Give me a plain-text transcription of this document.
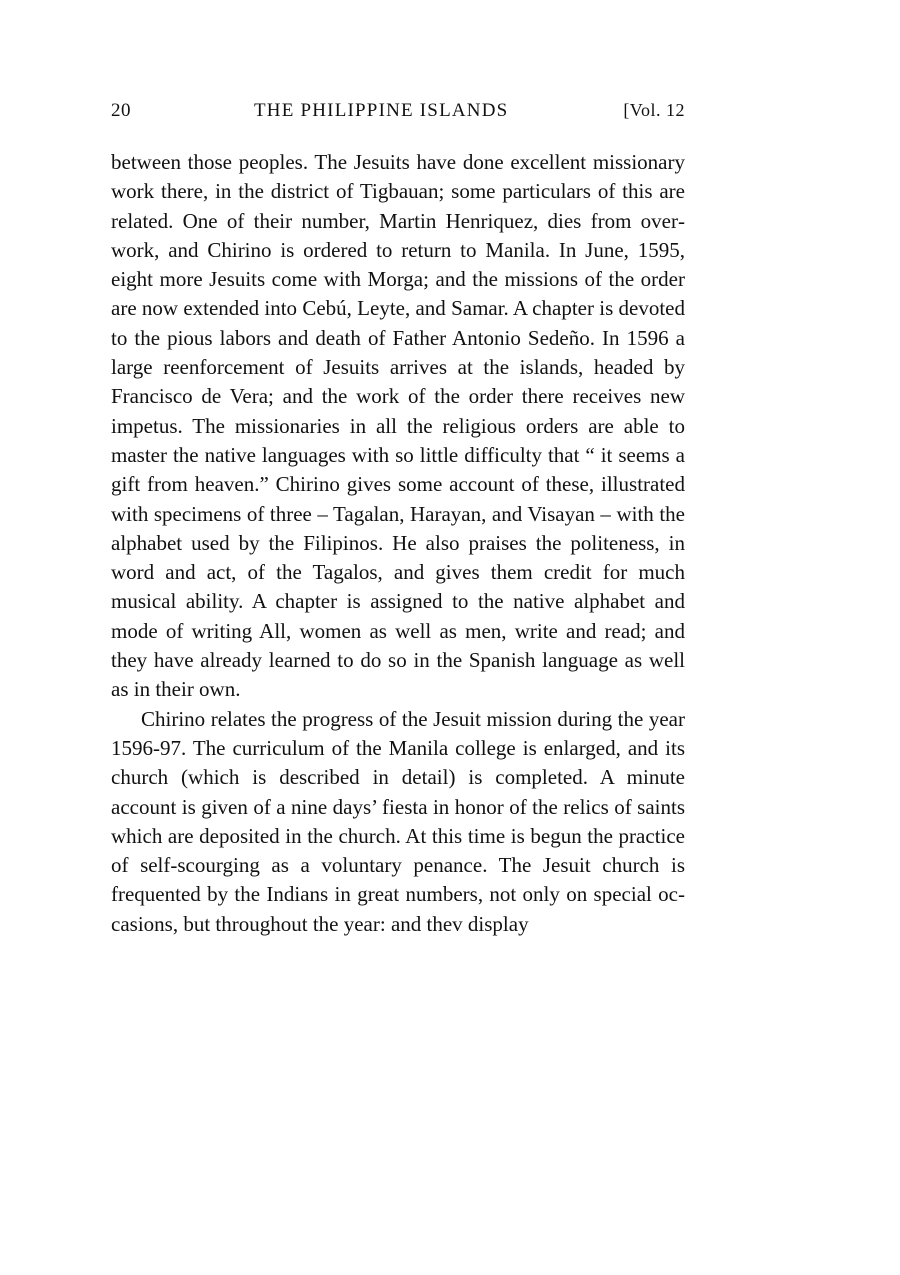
20	THE PHILIPPINE ISLANDS	[Vol. 12

between those peoples. The Jesuits have done excellent missionary work there, in the district of Tigbauan; some particulars of this are related. One of their number, Martin Henriquez, dies from overwork, and Chirino is ordered to return to Manila. In June, 1595, eight more Jesuits come with Morga; and the missions of the order are now extended into Cebú, Leyte, and Samar. A chapter is devoted to the pious labors and death of Father Antonio Sedeño. In 1596 a large reenforcement of Jesuits arrives at the islands, headed by Francisco de Vera; and the work of the order there receives new impetus. The missionaries in all the religious orders are able to master the native languages with so little difficulty that “ it seems a gift from heaven.” Chirino gives some account of these, illustrated with specimens of three – Tagalan, Harayan, and Visayan – with the alphabet used by the Filipinos. He also praises the politeness, in word and act, of the Tagalos, and gives them credit for much musical ability. A chapter is assigned to the native alphabet and mode of writing All, women as well as men, write and read; and they have already learned to do so in the Spanish language as well as in their own.

Chirino relates the progress of the Jesuit mission during the year 1596-97. The curriculum of the Manila college is enlarged, and its church (which is described in detail) is completed. A minute account is given of a nine days’ fiesta in honor of the relics of saints which are deposited in the church. At this time is begun the practice of self-scourging as a voluntary penance. The Jesuit church is frequented by the Indians in great numbers, not only on special occasions, but throughout the year: and thev display
